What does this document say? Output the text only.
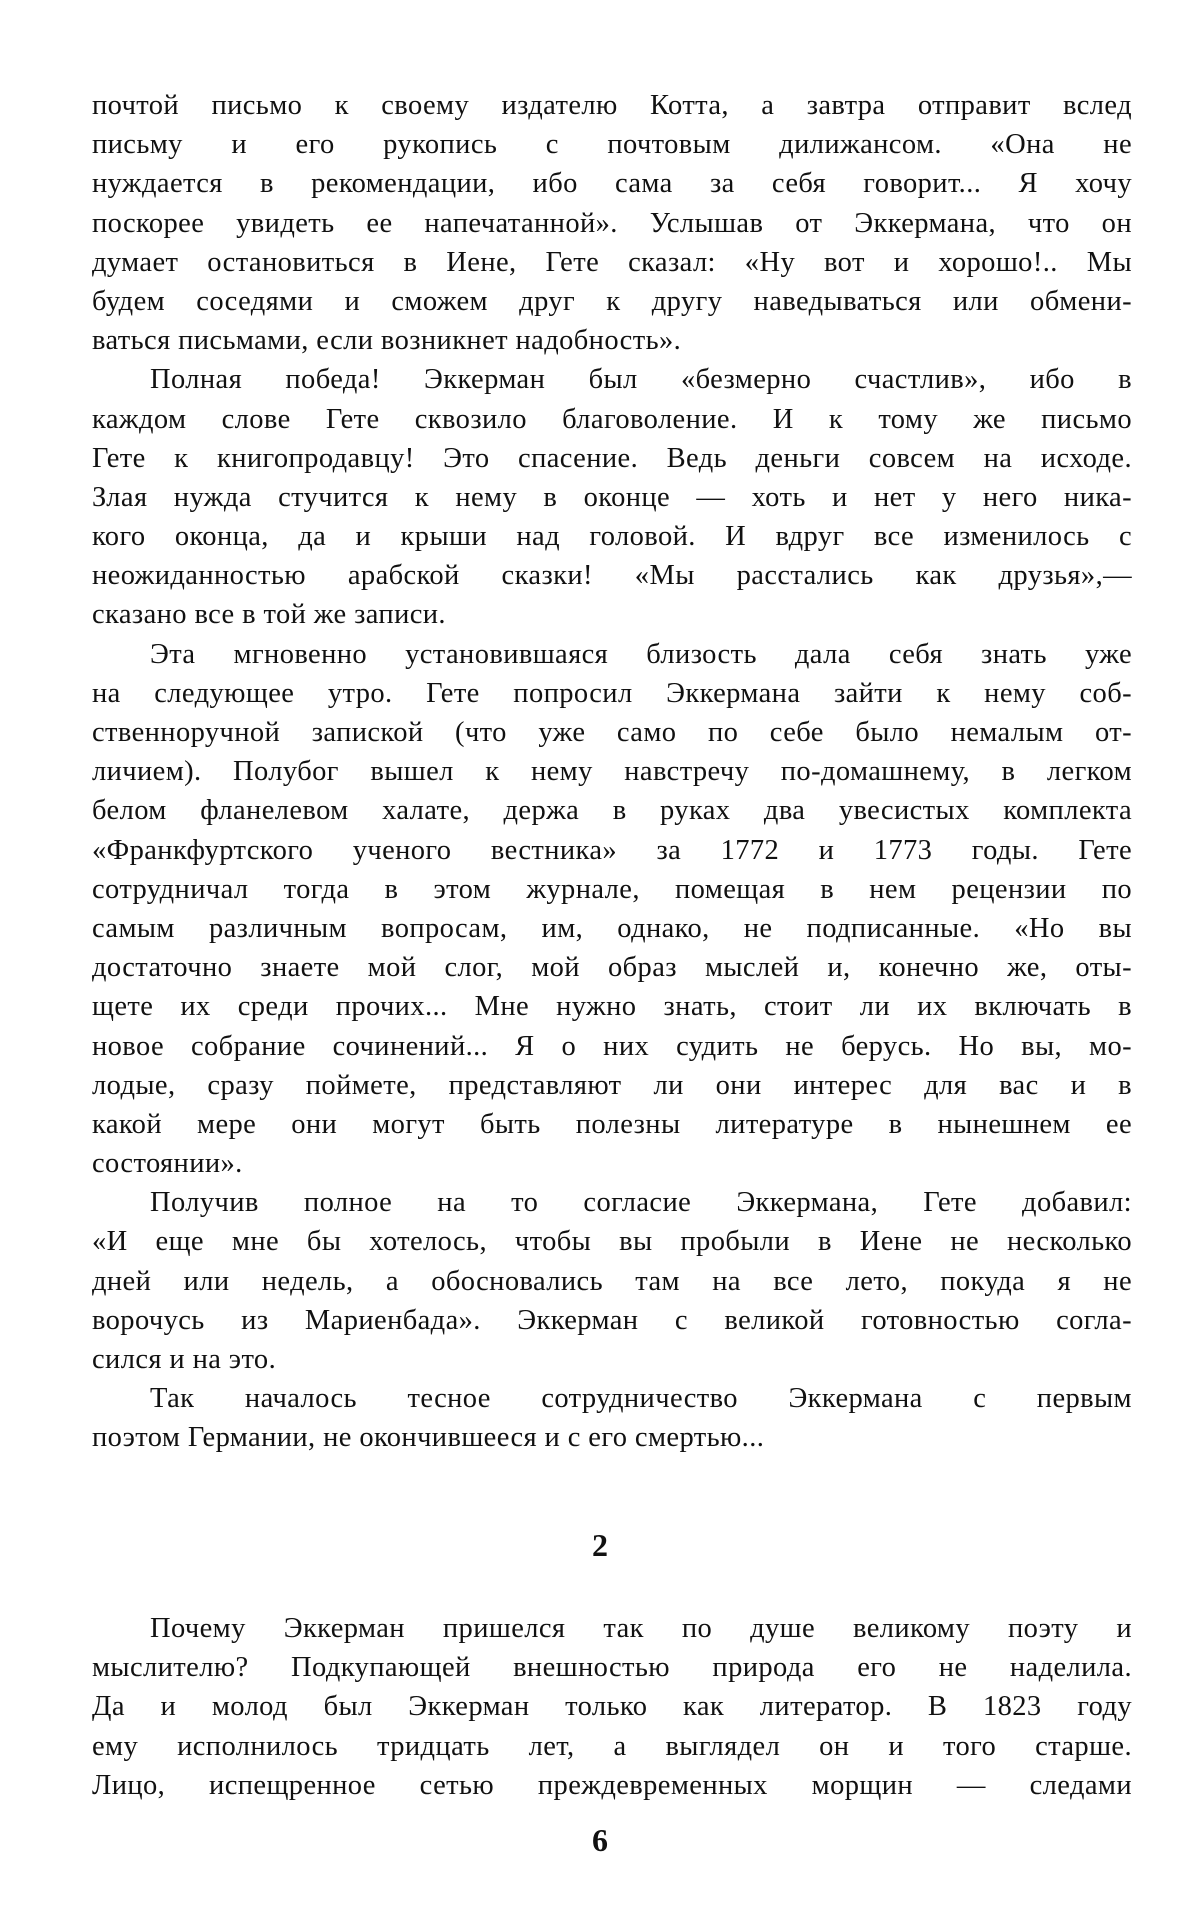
почтой письмо к своему издателю Котта, а завтра отправит вслед
письму и его рукопись с почтовым дилижансом. «Она не
нуждается в рекомендации, ибо сама за себя говорит... Я хочу
поскорее увидеть ее напечатанной». Услышав от Эккермана, что он
думает остановиться в Иене, Гете сказал: «Ну вот и хорошо!.. Мы
будем соседями и сможем друг к другу наведываться или обмени-
ваться письмами, если возникнет надобность».
Полная победа! Эккерман был «безмерно счастлив», ибо в
каждом слове Гете сквозило благоволение. И к тому же письмо
Гете к книгопродавцу! Это спасение. Ведь деньги совсем на исходе.
Злая нужда стучится к нему в оконце — хоть и нет у него ника-
кого оконца, да и крыши над головой. И вдруг все изменилось с
неожиданностью арабской сказки! «Мы расстались как друзья»,—
сказано все в той же записи.
Эта мгновенно установившаяся близость дала себя знать уже
на следующее утро. Гете попросил Эккермана зайти к нему соб-
ственноручной запиской (что уже само по себе было немалым от-
личием). Полубог вышел к нему навстречу по-домашнему, в легком
белом фланелевом халате, держа в руках два увесистых комплекта
«Франкфуртского ученого вестника» за 1772 и 1773 годы. Гете
сотрудничал тогда в этом журнале, помещая в нем рецензии по
самым различным вопросам, им, однако, не подписанные. «Но вы
достаточно знаете мой слог, мой образ мыслей и, конечно же, оты-
щете их среди прочих... Мне нужно знать, стоит ли их включать в
новое собрание сочинений... Я о них судить не берусь. Но вы, мо-
лодые, сразу поймете, представляют ли они интерес для вас и в
какой мере они могут быть полезны литературе в нынешнем ее
состоянии».
Получив полное на то согласие Эккермана, Гете добавил:
«И еще мне бы хотелось, чтобы вы пробыли в Иене не несколько
дней или недель, а обосновались там на все лето, покуда я не
ворочусь из Мариенбада». Эккерман с великой готовностью согла-
сился и на это.
Так началось тесное сотрудничество Эккермана с первым
поэтом Германии, не окончившееся и с его смертью...
2
Почему Эккерман пришелся так по душе великому поэту и
мыслителю? Подкупающей внешностью природа его не наделила.
Да и молод был Эккерман только как литератор. В 1823 году
ему исполнилось тридцать лет, а выглядел он и того старше.
Лицо, испещренное сетью преждевременных морщин — следами
6
